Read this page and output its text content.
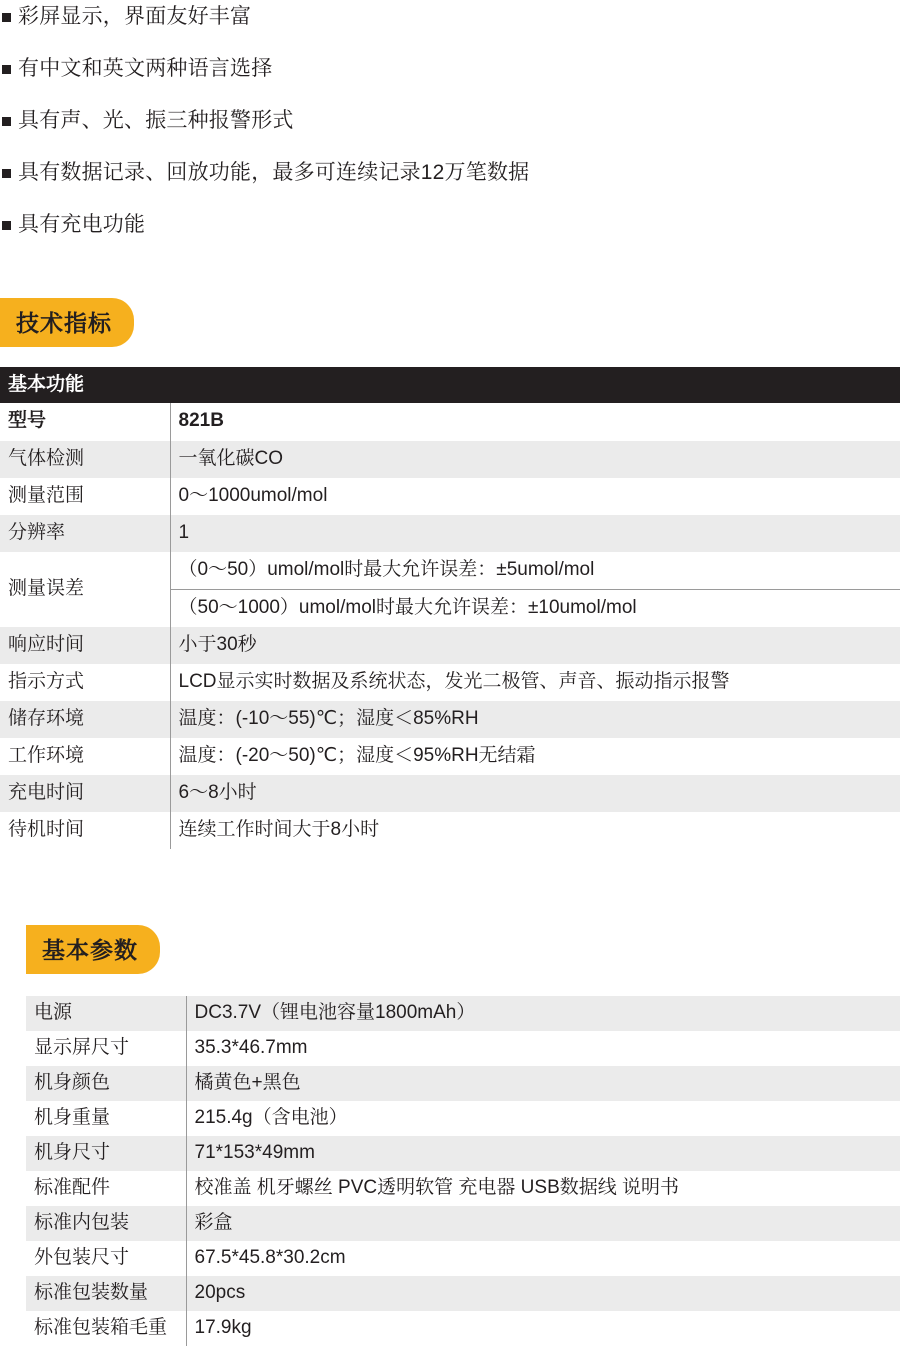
彩屏显示，界面友好丰富
有中文和英文两种语言选择
具有声、光、振三种报警形式
具有数据记录、回放功能，最多可连续记录12万笔数据
具有充电功能
技术指标
基本功能	
型号	821B
气体检测	一氧化碳CO
测量范围	0～1000umol/mol
分辨率	1
测量误差	（0～50）umol/mol时最大允许误差：±5umol/mol
	（50～1000）umol/mol时最大允许误差：±10umol/mol
响应时间	小于30秒
指示方式	LCD显示实时数据及系统状态，发光二极管、声音、振动指示报警
储存环境	温度：(-10～55)℃；湿度＜85%RH
工作环境	温度：(-20～50)℃；湿度＜95%RH无结霜
充电时间	6～8小时
待机时间	连续工作时间大于8小时
基本参数
电源	DC3.7V（锂电池容量1800mAh）
显示屏尺寸	35.3*46.7mm
机身颜色	橘黄色+黑色
机身重量	215.4g（含电池）
机身尺寸	71*153*49mm
标准配件	校准盖 机牙螺丝 PVC透明软管 充电器 USB数据线 说明书
标准内包装	彩盒
外包装尺寸	67.5*45.8*30.2cm
标准包装数量	20pcs
标准包装箱毛重	17.9kg
